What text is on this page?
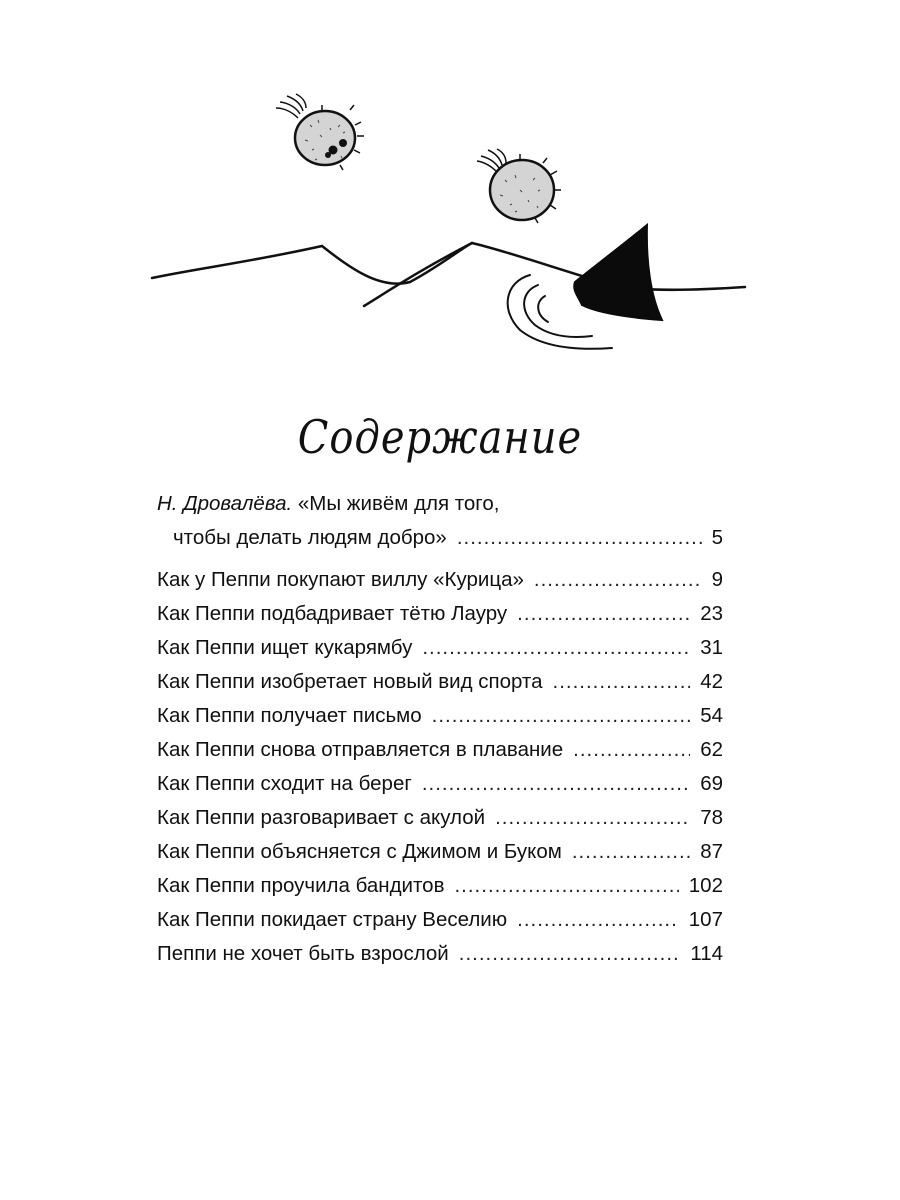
Содержание
Н. Дровалёва. «Мы живём для того,
чтобы делать людям добро» .....	5
Как у Пеппи покупают виллу «Курица» .....	9
Как Пеппи подбадривает тётю Лауру .....	23
Как Пеппи ищет кукарямбу .....	31
Как Пеппи изобретает новый вид спорта .....	42
Как Пеппи получает письмо .....	54
Как Пеппи снова отправляется в плавание .....	62
Как Пеппи сходит на берег .....	69
Как Пеппи разговаривает с акулой .....	78
Как Пеппи объясняется с Джимом и Буком .....	87
Как Пеппи проучила бандитов .....	102
Как Пеппи покидает страну Веселию .....	107
Пеппи не хочет быть взрослой .....	114
